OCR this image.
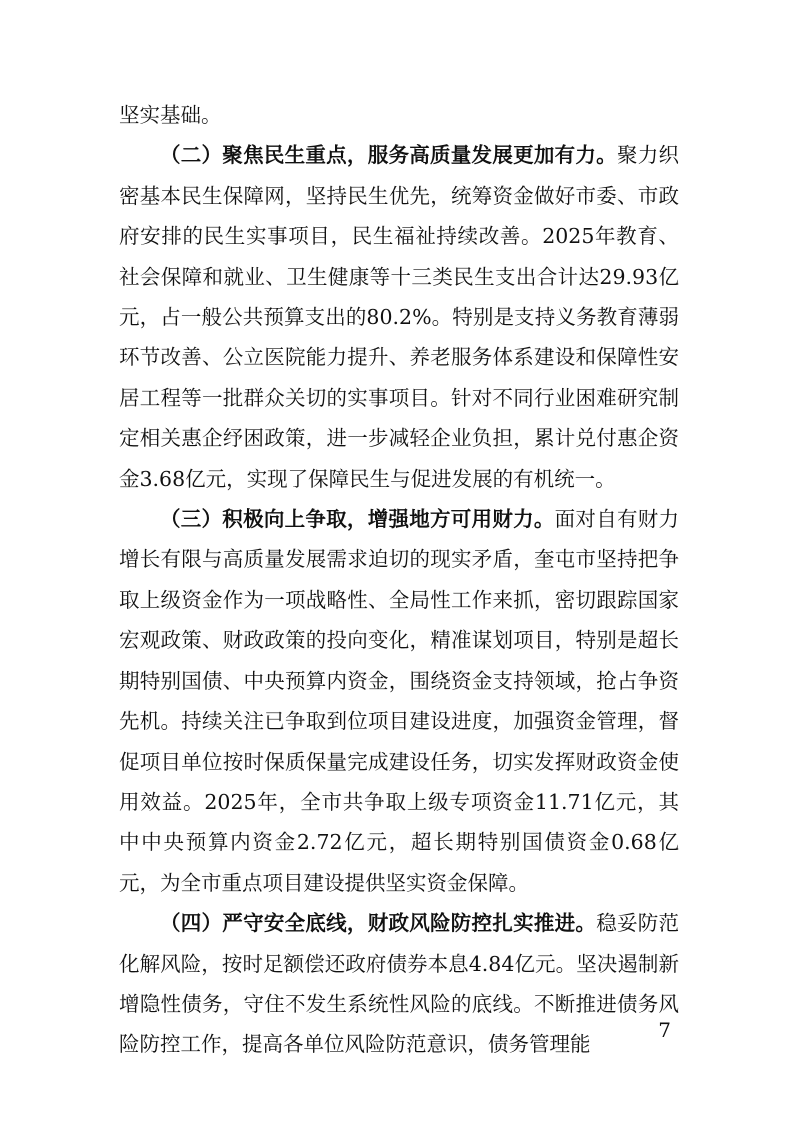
坚实基础。

（二）聚焦民生重点，服务高质量发展更加有力。聚力织密基本民生保障网，坚持民生优先，统筹资金做好市委、市政府安排的民生实事项目，民生福祉持续改善。2025年教育、社会保障和就业、卫生健康等十三类民生支出合计达29.93亿元，占一般公共预算支出的80.2%。特别是支持义务教育薄弱环节改善、公立医院能力提升、养老服务体系建设和保障性安居工程等一批群众关切的实事项目。针对不同行业困难研究制定相关惠企纾困政策，进一步减轻企业负担，累计兑付惠企资金3.68亿元，实现了保障民生与促进发展的有机统一。

（三）积极向上争取，增强地方可用财力。面对自有财力增长有限与高质量发展需求迫切的现实矛盾，奎屯市坚持把争取上级资金作为一项战略性、全局性工作来抓，密切跟踪国家宏观政策、财政政策的投向变化，精准谋划项目，特别是超长期特别国债、中央预算内资金，围绕资金支持领域，抢占争资先机。持续关注已争取到位项目建设进度，加强资金管理，督促项目单位按时保质保量完成建设任务，切实发挥财政资金使用效益。2025年，全市共争取上级专项资金11.71亿元，其中中央预算内资金2.72亿元，超长期特别国债资金0.68亿元，为全市重点项目建设提供坚实资金保障。

（四）严守安全底线，财政风险防控扎实推进。稳妥防范化解风险，按时足额偿还政府债券本息4.84亿元。坚决遏制新增隐性债务，守住不发生系统性风险的底线。不断推进债务风险防控工作，提高各单位风险防范意识，债务管理能

7
